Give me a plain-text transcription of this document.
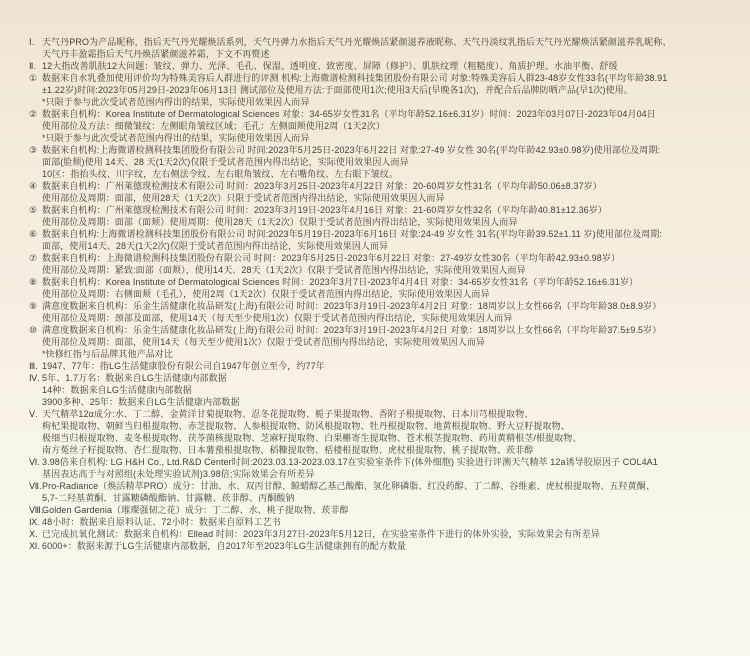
Ⅰ. 天气丹PRO为产品昵称，指后天气丹光耀焕活系列，天气丹弹力水指后天气丹光耀焕活紧颜滋养液昵称、天气丹淡纹乳指后天气丹光耀焕活紧颜滋养乳昵称、
天气丹丰盈霜指后天气丹焕活紧颜滋养霜，下文不再赘述
Ⅱ. 12大指改善肌肤12大问题：皱纹、弹力、光泽、毛孔、保湿、透明度、致密度、屏障（修护）、肌肤纹理（粗糙度）、角质护理、水油平衡、舒缓
① 数据来自水乳叠加使用评价均为特殊美容后人群进行的评测 机构:上海微谱检测科技集团股份有限公司 对象:特殊美容后人群23-48岁女性33名(平均年龄38.91
±1.22岁)时间:2023年05月29日-2023年06月13日 测试部位及使用方法:于面部使用1次;使用3天后(早晚各1次)，并配合后品牌防晒产品(早1次)使用。
*只限于参与此次受试者范围内得出的结果，实际使用效果因人而异
② 数据来自机构：Korea Institute of Dermatological Sciences 对象：34-65岁女性31名（平均年龄52.16±6.31岁）时间：2023年03月07日-2023年04月04日
使用部位及方法：细微皱纹：左侧眼角皱纹区域；毛孔：左侧面颊使用2周（1天2次）
*只限于参与此次受试者范围内得出的结果，实际使用效果因人而异
③ 数据来自机构:上海微谱检测科技集团股份有限公司 时间:2023年5月25日-2023年6月22日 对象:27-49 岁女性 30名(平均年龄42.93±0.98岁)使用部位及周期:
面部(脸颊)使用 14天、28 天(1天2次)仅限于受试者范围内得出结论，实际使用效果因人而异
10区：指抬头纹、川字纹，左右侧法令纹、左右眼角皱纹、左右嘴角纹、左右眼下皱纹。
④ 数据来自机构：广州莱德现检测技术有限公司 时间：2023年3月25日-2023年4月22日 对象：20-60周岁女性31名（平均年龄50.06±8.37岁）
使用部位及周期：面部，使用28天（1天2次）只限于受试者范围内得出结论，实际使用效果因人而异
⑤ 数据来自机构：广州莱德现检测技术有限公司 时间：2023年3月19日-2023年4月16日 对象：21-60周岁女性32名（平均年龄40.81±12.36岁）
使用部位及周期：面部（面颊）使用周期：使用28天（1天2次）仅限于受试者范围内得出结论，实际使用效果因人而异
⑥ 数据来自机构:上海微谱检测科技集团股份有限公司 时间:2023年5月19日-2023年6月16日 对象:24-49 岁女性 31名(平均年龄39.52±1.11 岁)使用部位及周期:
面部，使用14天、28天(1天2次)仅限于受试者范围内得出结论，实际使用效果因人而异
⑦ 数据来自机构：上海微谱检测科技集团股份有限公司 时间：2023年5月25日-2023年6月22日 对象：27-49岁女性30名（平均年龄42.93±0.98岁）
使用部位及周期：紧致:面部（面颊），使用14天、28天（1天2次）仅限于受试者范围内得出结论，实际使用效果因人而异
⑧ 数据来自机构：Korea Institute of Dermatological Sciences 时间：2023年3月7日-2023年4月4日 对象：34-65岁女性31名（平均年龄52.16±6.31岁）
使用部位及周期：右侧面颊（毛孔），使用2周（1天2次）仅限于受试者范围内得出结论，实际使用效果因人而异
⑨ 满意度数据来自机构：乐金生活健康化妆品研发(上海)有限公司 时间：2023年3月19日-2023年4月2日 对象：18周岁以上女性66名（平均年龄38.0±8.9岁）
使用部位及周期：颈部及面部，使用14天（每天至少使用1次）仅限于受试者范围内得出结论，实际使用效果因人而异
⑩ 满意度数据来自机构：乐金生活健康化妆品研发(上海)有限公司 时间：2023年3月19日-2023年4月2日 对象：18周岁以上女性66名（平均年龄37.5±9.5岁）
使用部位及周期：面部，使用14天（每天至少使用1次）仅限于受试者范围内得出结论，实际使用效果因人而异
*快修红指与后品牌其他产品对比
Ⅲ. 1947、77年：指LG生活健康股份有限公司自1947年创立至今，约77年
Ⅳ. 5年、1.7万名：数据来自LG生活健康内部数据
14种：数据来自LG生活健康内部数据
3900多种、25年：数据来自LG生活健康内部数据
Ⅴ. 天气精萃12α成分:水、丁二醇、金黄洋甘菊提取物、忍冬花提取物、栀子果提取物、香附子根提取物、日本川芎根提取物、
枸杞果提取物、朝鲜当归根提取物、赤芝提取物、人参根提取物、防风根提取物、牡丹根提取物、地黄根提取物、野大豆籽提取物、
极细当归根提取物、麦冬根提取物、茯苓菌核提取物、芝麻籽提取物、白果槲寄生提取物、苍术根茎提取物、药用黄精根茎/根提取物、
南方菟丝子籽提取物、杏仁提取物、日本薯蓣根提取物、稻糠提取物、栝楼根提取物、虎杖根提取物、桃子提取物、莰非醇
Ⅵ. 3.98倍来自机构: LG H&H Co., Ltd.R&D Center时间:2023.03.13-2023.03.17在实验室条件下(体外细胞) 实验进行评测天气精萃 12a诱导胶原因子 COL4A1
基因表达高于与对照组(未处理实验试剂)3.98倍;实际效果会有所差异
Ⅶ.Pro-Radiance（焕活精萃PRO）成分：甘油、水、双丙甘醇、鲸蜡醇乙基己酸酯、氢化卵磷脂、红没药醇、丁二醇、谷维素、虎杖根提取物、五羟黄酮、
5,7-二羟基黄酮、甘露糖磷酸酯钠、甘露糖、莰非醇、丙酮酸钠
Ⅷ.Golden Gardenia（璀璨强韧之花）成分：丁二醇、水、桃子提取物、莰非醇
Ⅸ. 48小时：数据来自原料认证、72小时：数据来自原料工艺书
Ⅹ. 已完成抗氧化测试：数据来自机构：Ellead 时间：2023年3月27日-2023年5月12日，在实验室条件下进行的体外实验，实际效果会有所差异
Ⅺ. 6000+：数据来源于LG生活健康内部数据，自2017年至2023年LG生活健康拥有的配方数量
